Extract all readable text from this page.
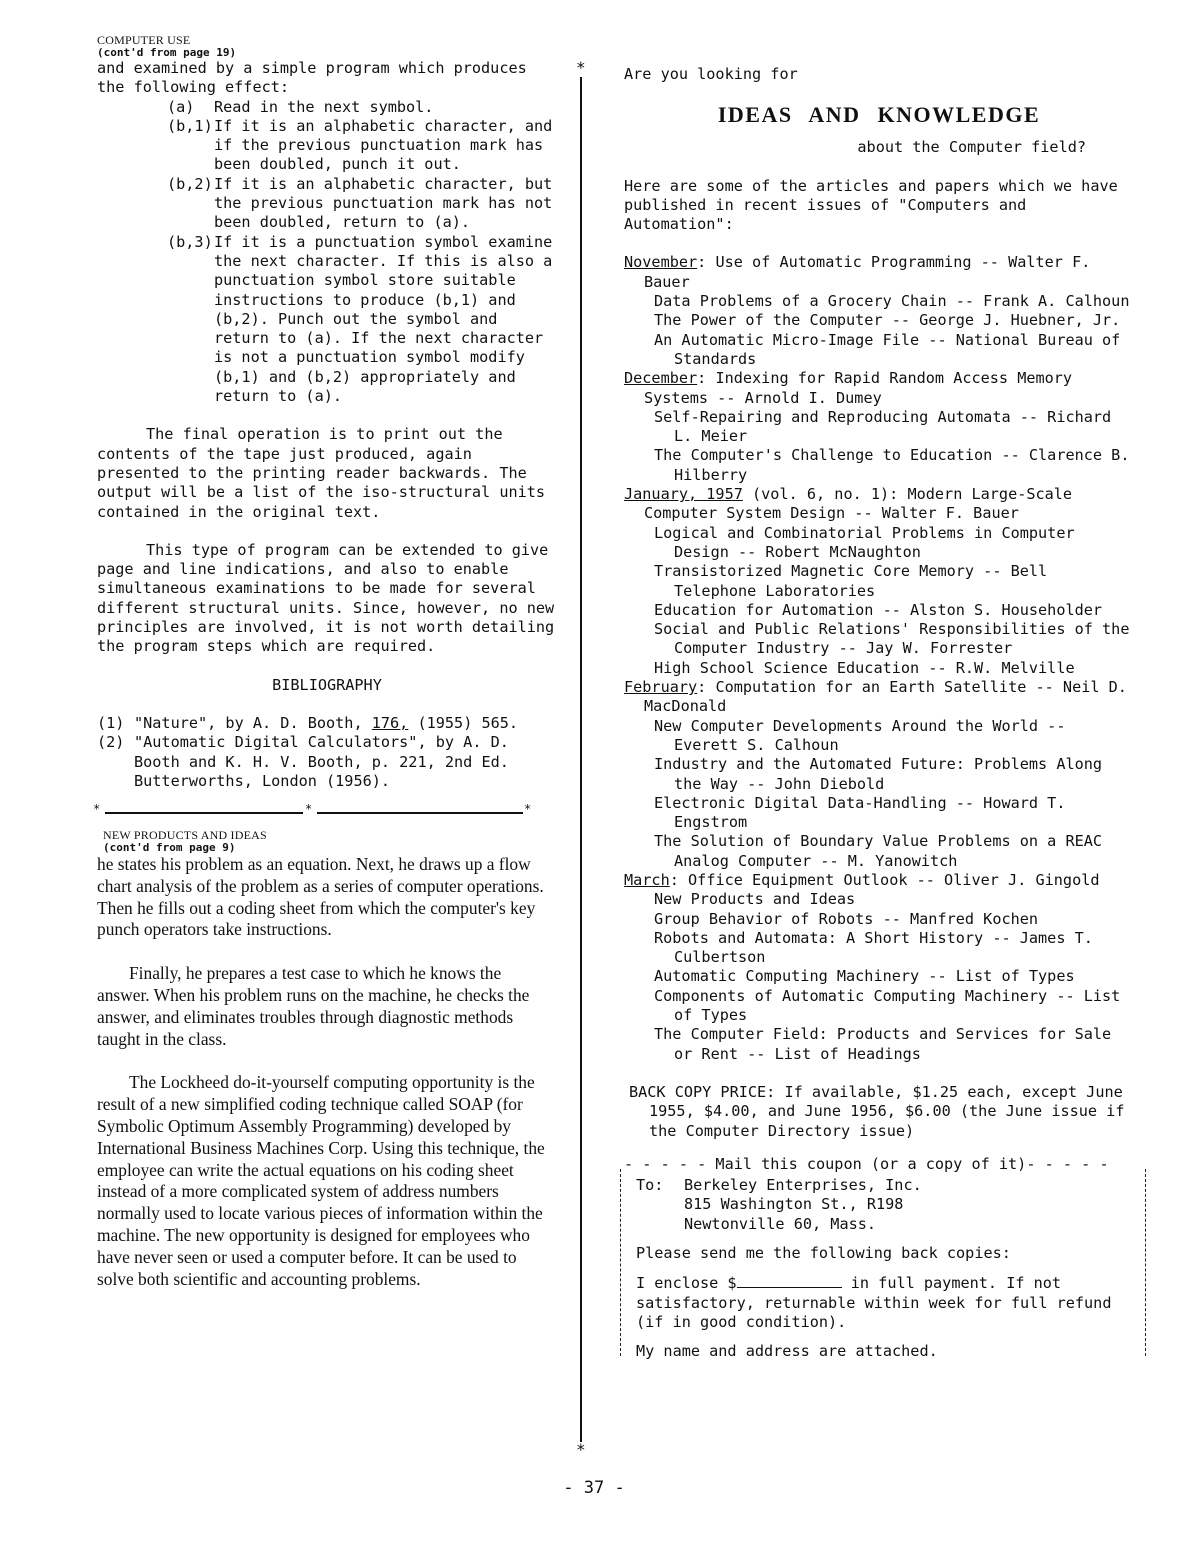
COMPUTER USE
(cont'd from page 19)
and examined by a simple program which produces the following effect:
(a)	Read in the next symbol.
(b,1) If it is an alphabetic character, and if the previous punctuation mark has been doubled, punch it out.
(b,2) If it is an alphabetic character, but the previous punctuation mark has not been doubled, return to (a).
(b,3) If it is a punctuation symbol examine the next character. If this is also a punctuation symbol store suitable instructions to produce (b,1) and (b,2). Punch out the symbol and return to (a). If the next character is not a punctuation symbol modify (b,1) and (b,2) appropriately and return to (a).

The final operation is to print out the contents of the tape just produced, again presented to the printing reader backwards. The output will be a list of the iso-structural units contained in the original text.

This type of program can be extended to give page and line indications, and also to enable simultaneous examinations to be made for several different structural units. Since, however, no new principles are involved, it is not worth detailing the program steps which are required.

BIBLIOGRAPHY
(1) "Nature", by A. D. Booth, 176, (1955) 565.
(2) "Automatic Digital Calculators", by A. D. Booth and K. H. V. Booth, p. 221, 2nd Ed. Butterworths, London (1956).
*	*	*
NEW PRODUCTS AND IDEAS
(cont'd from page 9)

he states his problem as an equation. Next, he draws up a flow chart analysis of the problem as a series of computer operations. Then he fills out a coding sheet from which the computer's key punch operators take instructions.

Finally, he prepares a test case to which he knows the answer. When his problem runs on the machine, he checks the answer, and eliminates troubles through diagnostic methods taught in the class.

The Lockheed do-it-yourself computing opportunity is the result of a new simplified coding technique called SOAP (for Symbolic Optimum Assembly Programming) developed by International Business Machines Corp. Using this technique, the employee can write the actual equations on his coding sheet instead of a more complicated system of address numbers normally used to locate various pieces of information within the machine. The new opportunity is designed for employees who have never seen or used a computer before. It can be used to solve both scientific and accounting problems.

*
*
Are you looking for
IDEAS AND KNOWLEDGE
about the Computer field?
Here are some of the articles and papers which we have published in recent issues of "Computers and Automation":
November: Use of Automatic Programming -- Walter F. Bauer
Data Problems of a Grocery Chain -- Frank A. Calhoun
The Power of the Computer -- George J. Huebner, Jr.
An Automatic Micro-Image File -- National Bureau of Standards
December: Indexing for Rapid Random Access Memory Systems -- Arnold I. Dumey
Self-Repairing and Reproducing Automata -- Richard L. Meier
The Computer's Challenge to Education -- Clarence B. Hilberry
January, 1957 (vol. 6, no. 1): Modern Large-Scale Computer System Design -- Walter F. Bauer
Logical and Combinatorial Problems in Computer Design -- Robert McNaughton
Transistorized Magnetic Core Memory -- Bell Telephone Laboratories
Education for Automation -- Alston S. Householder
Social and Public Relations' Responsibilities of the Computer Industry -- Jay W. Forrester
High School Science Education -- R.W. Melville
February: Computation for an Earth Satellite -- Neil D. MacDonald
New Computer Developments Around the World -- Everett S. Calhoun
Industry and the Automated Future: Problems Along the Way -- John Diebold
Electronic Digital Data-Handling -- Howard T. Engstrom
The Solution of Boundary Value Problems on a REAC Analog Computer -- M. Yanowitch
March: Office Equipment Outlook -- Oliver J. Gingold
New Products and Ideas
Group Behavior of Robots -- Manfred Kochen
Robots and Automata: A Short History -- James T. Culbertson
Automatic Computing Machinery -- List of Types
Components of Automatic Computing Machinery -- List of Types
The Computer Field: Products and Services for Sale or Rent -- List of Headings
BACK COPY PRICE: If available, $1.25 each, except June 1955, $4.00, and June 1956, $6.00 (the June issue if the Computer Directory issue)
- - - - - Mail this coupon (or a copy of it)- - - - -
To:	Berkeley Enterprises, Inc.
815 Washington St., R198
Newtonville 60, Mass.
Please send me the following back copies:
I enclose $	in full payment. If not satisfactory, returnable within week for full refund (if in good condition).
My name and address are attached.
- 37 -
